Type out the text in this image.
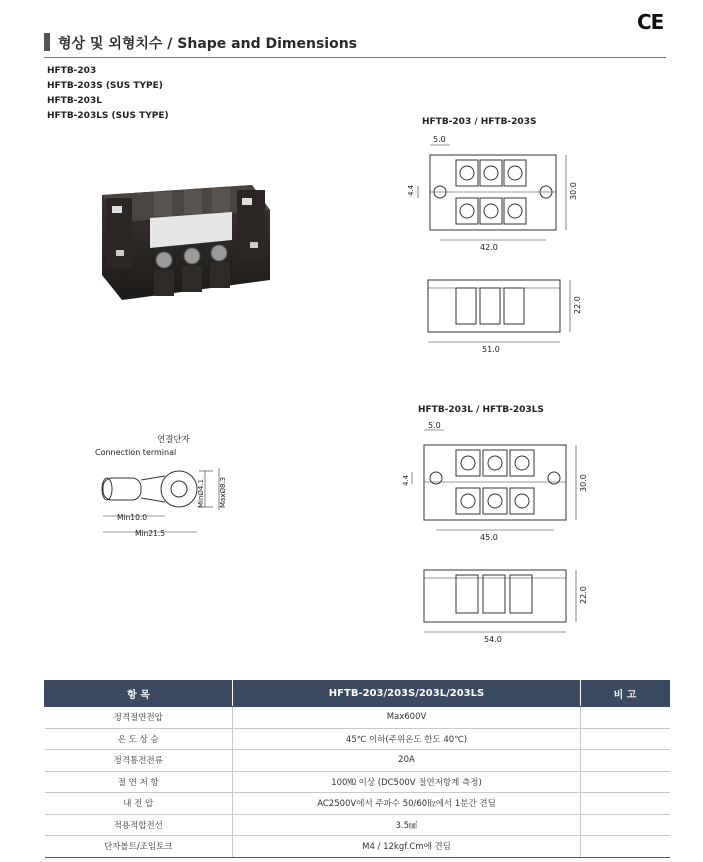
형상 및 외형치수 / Shape and Dimensions
CE
HFTB-203
HFTB-203S (SUS TYPE)
HFTB-203L
HFTB-203LS (SUS TYPE)
HFTB-203 / HFTB-203S
5.0
4.4
42.0
30.0
22.0
51.0
HFTB-203L / HFTB-203LS
5.0
4.4
45.0
30.0
22.0
54.0
연결단자
Connection terminal
MinØ4.1 MaxØ8.3
Min10.0
Min21.5
항 목	HFTB-203/203S/203L/203LS	비 고
정격절연전압	Max600V	
온 도 상 승	45℃ 이하(주위온도 한도 40℃)	
정격통전전류	20A	
절 연 저 항	100㏁ 이상 (DC500V 절연저항계 측정)	
내 전 압	AC2500V에서 주파수 50/60㎐에서 1분간 견딤	
적용적합전선	3.5㎟	
단자볼트/조임토크	M4 / 12kgf.Cm에 견딤	
